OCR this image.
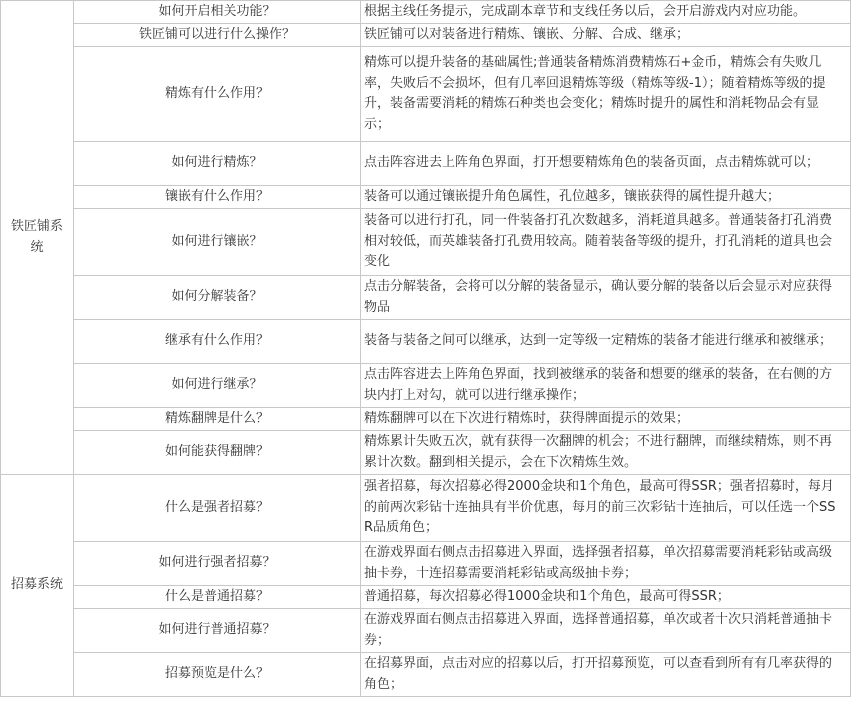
铁匠铺系统	如何开启相关功能？	根据主线任务提示，完成副本章节和支线任务以后，会开启游戏内对应功能。
	铁匠铺可以进行什么操作？	铁匠铺可以对装备进行精炼、镶嵌、分解、合成、继承；
	精炼有什么作用？	精炼可以提升装备的基础属性;普通装备精炼消费精炼石+金币，精炼会有失败几率，失败后不会损坏，但有几率回退精炼等级（精炼等级-1）；随着精炼等级的提升，装备需要消耗的精炼石种类也会变化；精炼时提升的属性和消耗物品会有显示；
	如何进行精炼？	点击阵容进去上阵角色界面，打开想要精炼角色的装备页面，点击精炼就可以；
	镶嵌有什么作用？	装备可以通过镶嵌提升角色属性，孔位越多，镶嵌获得的属性提升越大；
	如何进行镶嵌？	装备可以进行打孔，同一件装备打孔次数越多，消耗道具越多。普通装备打孔消费相对较低，而英雄装备打孔费用较高。随着装备等级的提升，打孔消耗的道具也会变化
	如何分解装备？	点击分解装备，会将可以分解的装备显示，确认要分解的装备以后会显示对应获得物品
	继承有什么作用？	装备与装备之间可以继承，达到一定等级一定精炼的装备才能进行继承和被继承；
	如何进行继承？	点击阵容进去上阵角色界面，找到被继承的装备和想要的继承的装备，在右侧的方块内打上对勾，就可以进行继承操作；
	精炼翻牌是什么？	精炼翻牌可以在下次进行精炼时，获得牌面提示的效果；
	如何能获得翻牌？	精炼累计失败五次，就有获得一次翻牌的机会；不进行翻牌，而继续精炼，则不再累计次数。翻到相关提示，会在下次精炼生效。
招募系统	什么是强者招募？	强者招募，每次招募必得2000金块和1个角色，最高可得SSR；强者招募时，每月的前两次彩钻十连抽具有半价优惠，每月的前三次彩钻十连抽后，可以任选一个SSR品质角色；
	如何进行强者招募？	在游戏界面右侧点击招募进入界面，选择强者招募，单次招募需要消耗彩钻或高级抽卡券，十连招募需要消耗彩钻或高级抽卡券；
	什么是普通招募？	普通招募，每次招募必得1000金块和1个角色，最高可得SSR；
	如何进行普通招募？	在游戏界面右侧点击招募进入界面，选择普通招募，单次或者十次只消耗普通抽卡券；
	招募预览是什么？	在招募界面，点击对应的招募以后，打开招募预览，可以查看到所有有几率获得的角色；
